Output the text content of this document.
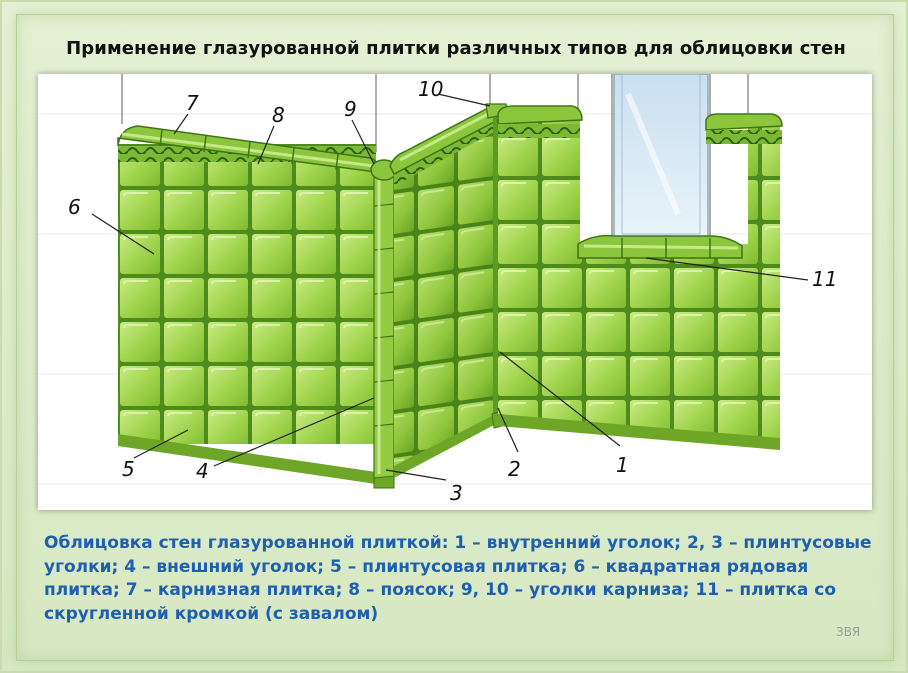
Применение глазурованной плитки различных типов для облицовки стен
6
7	8	9
10
11
5	4
3
2	1
Облицовка стен глазурованной плиткой: 1 – внутренний уголок; 2, 3 – плинтусовые уголки; 4 – внешний уголок; 5 – плинтусовая плитка; 6 – квадратная рядовая плитка; 7 – карнизная плитка; 8 – поясок; 9, 10 – уголки карниза; 11 – плитка со скругленной кромкой (с завалом)
ЗВЯ
